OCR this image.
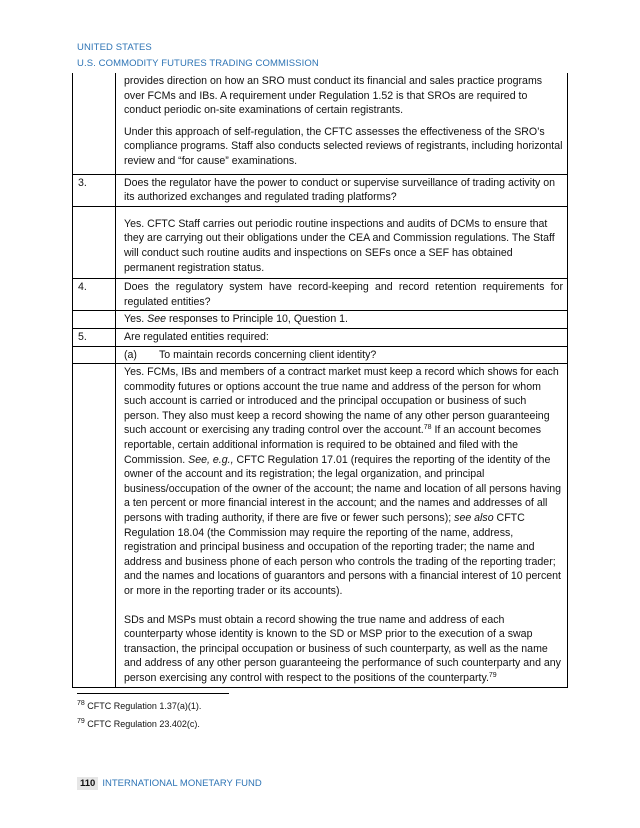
UNITED STATES
U.S. COMMODITY FUTURES TRADING COMMISSION

	provides direction on how an SRO must conduct its financial and sales practice programs over FCMs and IBs. A requirement under Regulation 1.52 is that SROs are required to conduct periodic on-site examinations of certain registrants.

Under this approach of self-regulation, the CFTC assesses the effectiveness of the SRO’s compliance programs. Staff also conducts selected reviews of registrants, including horizontal review and “for cause” examinations.

3.	Does the regulator have the power to conduct or supervise surveillance of trading activity on its authorized exchanges and regulated trading platforms?

	Yes. CFTC Staff carries out periodic routine inspections and audits of DCMs to ensure that they are carrying out their obligations under the CEA and Commission regulations. The Staff will conduct such routine audits and inspections on SEFs once a SEF has obtained permanent registration status.

4.	Does the regulatory system have record-keeping and record retention requirements for regulated entities?
	Yes. See responses to Principle 10, Question 1.
5.	Are regulated entities required:
	(a) To maintain records concerning client identity?

	Yes. FCMs, IBs and members of a contract market must keep a record which shows for each commodity futures or options account the true name and address of the person for whom such account is carried or introduced and the principal occupation or business of such person. They also must keep a record showing the name of any other person guaranteeing such account or exercising any trading control over the account.$^{78}$ If an account becomes reportable, certain additional information is required to be obtained and filed with the Commission. See, e.g., CFTC Regulation 17.01 (requires the reporting of the identity of the owner of the account and its registration; the legal organization, and principal business/occupation of the owner of the account; the name and location of all persons having a ten percent or more financial interest in the account; and the names and addresses of all persons with trading authority, if there are five or fewer such persons); see also CFTC Regulation 18.04 (the Commission may require the reporting of the name, address, registration and principal business and occupation of the reporting trader; the name and address and business phone of each person who controls the trading of the reporting trader; and the names and locations of guarantors and persons with a financial interest of 10 percent or more in the reporting trader or its accounts).

SDs and MSPs must obtain a record showing the true name and address of each counterparty whose identity is known to the SD or MSP prior to the execution of a swap transaction, the principal occupation or business of such counterparty, as well as the name and address of any other person guaranteeing the performance of such counterparty and any person exercising any control with respect to the positions of the counterparty.$^{79}$

$^{78}$ CFTC Regulation 1.37(a)(1).
$^{79}$ CFTC Regulation 23.402(c).
110 INTERNATIONAL MONETARY FUND
